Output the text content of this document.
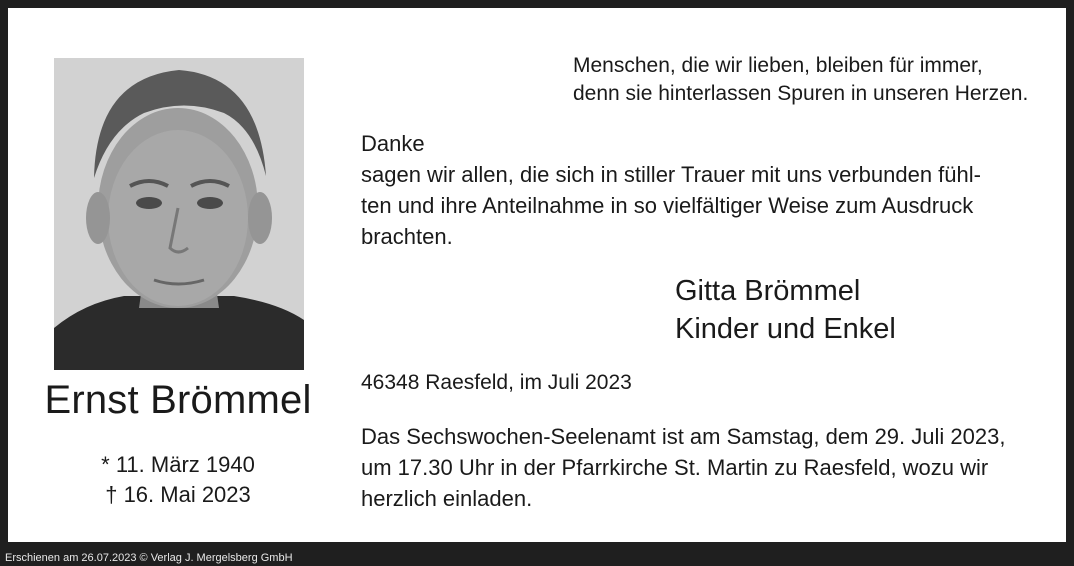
Ernst Brömmel
* 11. März 1940
† 16. Mai 2023
Menschen, die wir lieben, bleiben für immer,
denn sie hinterlassen Spuren in unseren Herzen.
Danke
sagen wir allen, die sich in stiller Trauer mit uns verbunden fühl-
ten und ihre Anteilnahme in so vielfältiger Weise zum Ausdruck
brachten.
Gitta Brömmel
Kinder und Enkel
46348 Raesfeld, im Juli 2023
Das Sechswochen-Seelenamt ist am Samstag, dem 29. Juli 2023,
um 17.30 Uhr in der Pfarrkirche St. Martin zu Raesfeld, wozu wir
herzlich einladen.
Erschienen am 26.07.2023 © Verlag J. Mergelsberg GmbH
